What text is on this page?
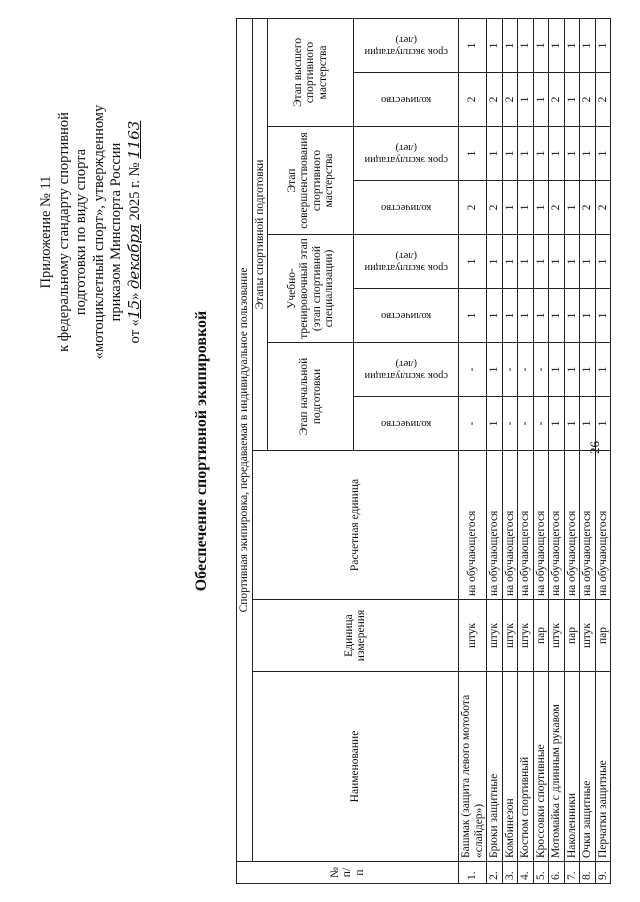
26
Приложение № 11 к федеральному стандарту спортивной подготовки по виду спорта «мотоциклетный спорт», утвержденному приказом Минспорта России
от «15» декабря 2025 г. № 1163
Обеспечение спортивной экипировкой
№ п/п	Спортивная экипировка, передаваемая в индивидуальное пользование										
	Наименование	Единица измерения	Расчетная единица	Этапы спортивной подготовки							
				Этап начальной подготовки		Учебно-тренировочный этап (этап спортивной специализации)		Этап совершенствования спортивного мастерства		Этап высшего спортивного мастерства	

				количество	срок эксплуатации (лет)	количество	срок эксплуатации (лет)	количество	срок эксплуатации (лет)	количество	срок эксплуатации (лет)

1.	Башмак (защита левого мотобота «слайдер»)	штук	на обучающегося	-	-	1	1	2	1	2	1
2.	Брюки защитные	штук	на обучающегося	1	1	1	1	2	1	2	1
3.	Комбинезон	штук	на обучающегося	-	-	1	1	1	1	2	1
4.	Костюм спортивный	штук	на обучающегося	-	-	1	1	1	1	1	1
5.	Кроссовки спортивные	пар	на обучающегося	-	-	1	1	1	1	1	1
6.	Мотомайка с длинным рукавом	штук	на обучающегося	1	1	1	1	2	1	2	1
7.	Наколенники	пар	на обучающегося	1	1	1	1	1	1	1	1
8.	Очки защитные	штук	на обучающегося	1	1	1	1	2	1	2	1
9.	Перчатки защитные	пар	на обучающегося	1	1	1	1	2	1	2	1
